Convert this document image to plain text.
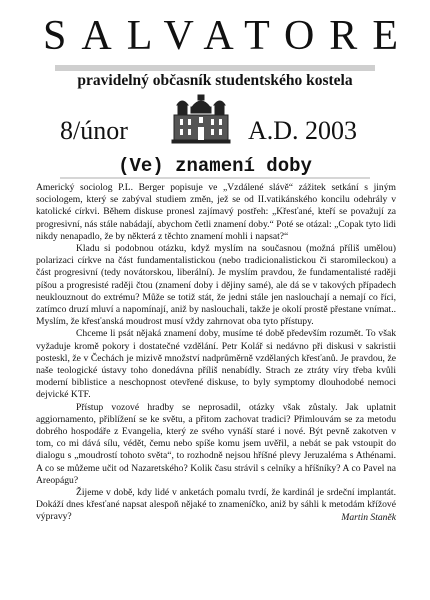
SALVATORE
pravidelný občasník studentského kostela
8/únor	A.D. 2003
(Ve) znamení doby

Americký sociolog P.L. Berger popisuje ve „Vzdálené slávě“ zážitek setkání s jiným sociologem, který se zabýval studiem změn, jež se od II.vatikánského koncilu odehrály v katolické církvi. Během diskuse pronesl zajímavý postřeh: „Křesťané, kteří se považují za progresivní, nás stále nabádají, abychom četli znamení doby.“ Poté se otázal: „Copak tyto lidi nikdy nenapadlo, že by některá z těchto znamení mohli i napsat?“

Kladu si podobnou otázku, když myslím na současnou (možná příliš umělou) polarizaci církve na část fundamentalistickou (nebo tradicionalistickou či staromileckou) a část progresivní (tedy novátorskou, liberální). Je myslím pravdou, že fundamentalisté raději píšou a progresisté raději čtou (znamení doby i dějiny samé), ale dá se v takových případech neuklouznout do extrému? Může se totiž stát, že jedni stále jen naslouchají a nemají co říci, zatímco druzí mluví a napomínají, aniž by naslouchali, takže je okolí prostě přestane vnímat.. Myslím, že křesťanská moudrost musí vždy zahrnovat oba tyto přístupy.

Chceme li psát nějaká znamení doby, musíme té době především rozumět. To však vyžaduje kromě pokory i dostatečné vzdělání. Petr Kolář si nedávno při diskusi v sakristii posteskl, že v Čechách je mizivě množství nadprůměrně vzdělaných křesťanů. Je pravdou, že naše teologické ústavy toho donedávna příliš nenabídly. Strach ze ztráty víry třeba kvůli moderní biblistice a neschopnost otevřené diskuse, to byly symptomy dlouhodobé nemoci dejvické KTF.

Přístup vozové hradby se neprosadil, otázky však zůstaly. Jak uplatnit aggiornamento, přiblížení se ke světu, a přitom zachovat tradici? Přimlouvám se za metodu dobrého hospodáře z Evangelia, který ze svého vynáší staré i nové. Být pevně zakotven v tom, co mi dává sílu, védět, čemu nebo spíše komu jsem uvěřil, a nebát se pak vstoupit do dialogu s „moudrostí tohoto světa“, to rozhodně nejsou hříšné plevy Jeruzaléma s Athénami. A co se můžeme učit od Nazaretského? Kolik času strávil s celníky a hříšníky? A co Pavel na Areopágu?

Žijeme v době, kdy lidé v anketách pomalu tvrdí, že kardinál je srdeční implantát. Dokáží dnes křesťané napsat alespoň nějaké to znameníčko, aniž by sáhli k metodám křížové výpravy?	Martin Staněk
